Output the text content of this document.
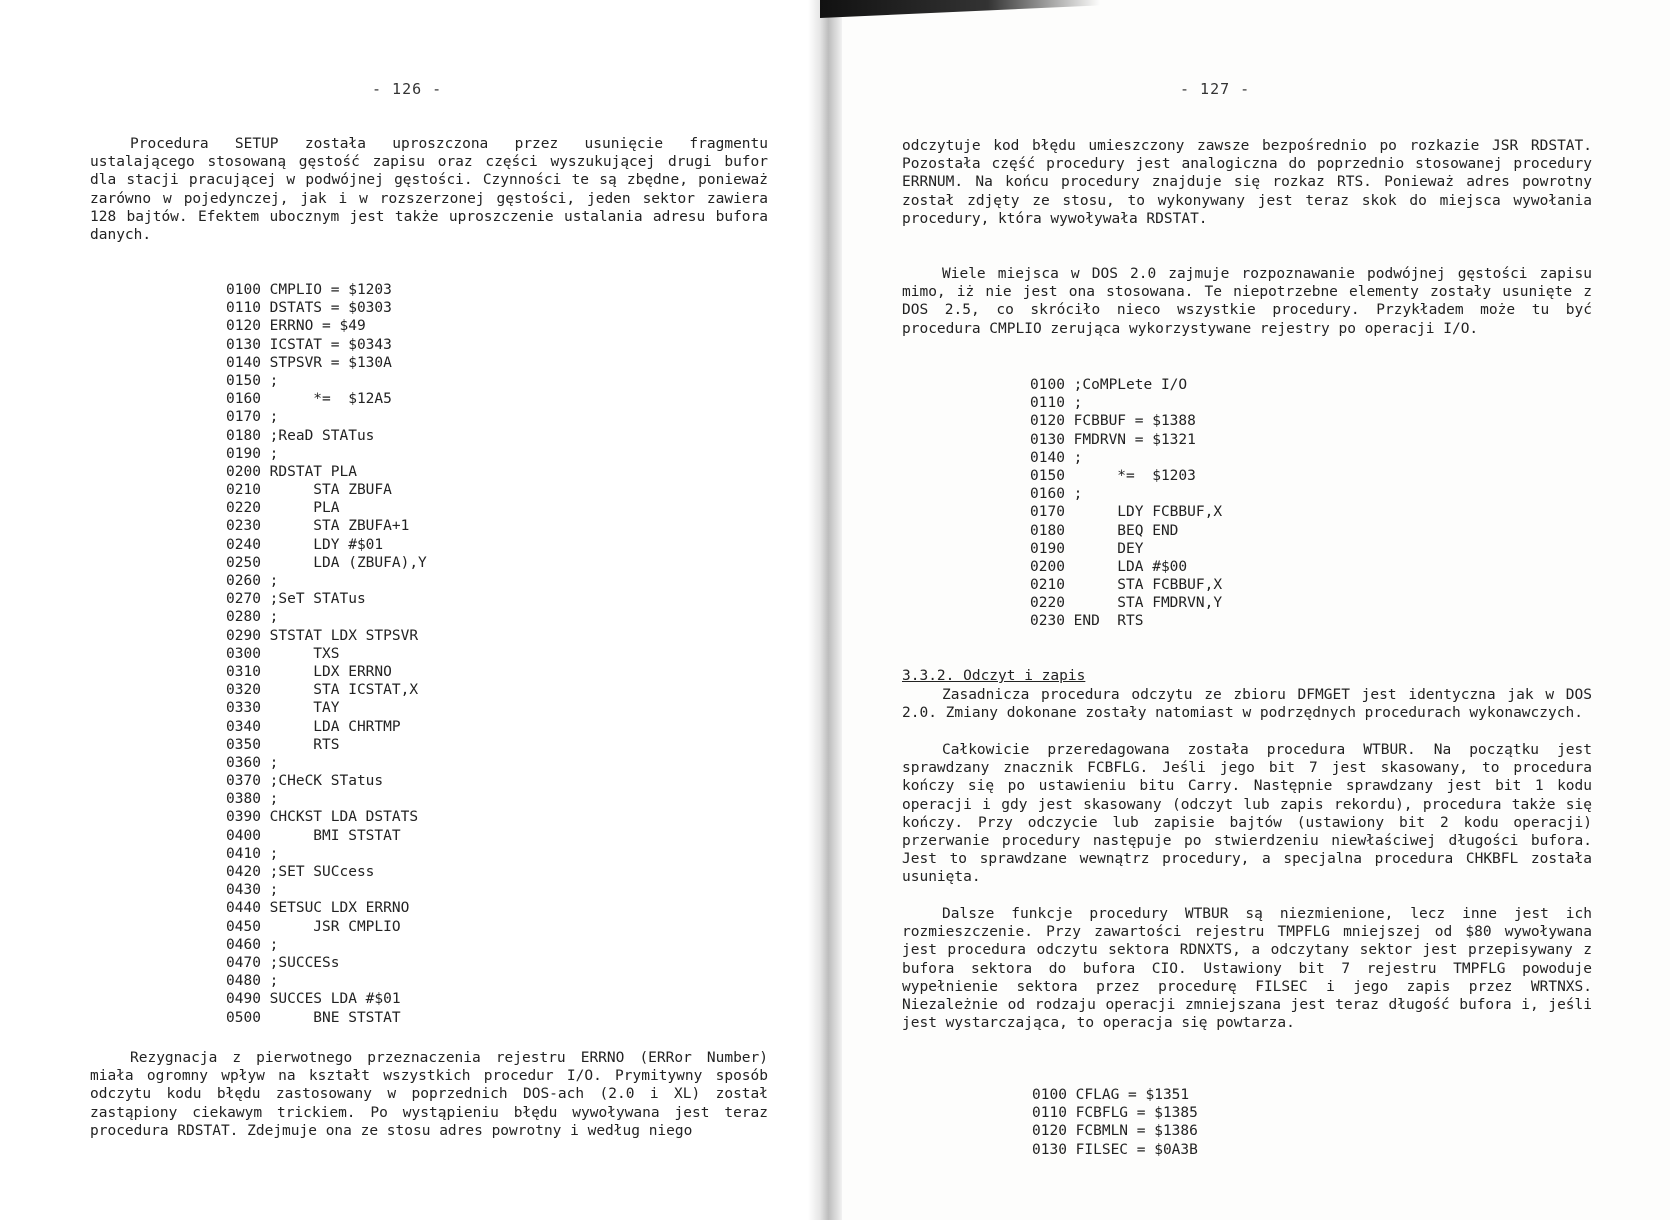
- 126 -
Procedura SETUP została uproszczona przez usunięcie fragmentu ustalającego stosowaną gęstość zapisu oraz części wyszukującej drugi bufor dla stacji pracującej w podwójnej gęstości. Czynności te są zbędne, ponieważ zarówno w pojedynczej, jak i w rozszerzonej gęstości, jeden sektor zawiera 128 bajtów. Efektem ubocznym jest także uproszczenie ustalania adresu bufora danych.
0100 CMPLIO = $1203
0110 DSTATS = $0303
0120 ERRNO = $49
0130 ICSTAT = $0343
0140 STPSVR = $130A
0150 ;
0160      *=  $12A5
0170 ;
0180 ;ReaD STATus
0190 ;
0200 RDSTAT PLA
0210      STA ZBUFA
0220      PLA
0230      STA ZBUFA+1
0240      LDY #$01
0250      LDA (ZBUFA),Y
0260 ;
0270 ;SeT STATus
0280 ;
0290 STSTAT LDX STPSVR
0300      TXS
0310      LDX ERRNO
0320      STA ICSTAT,X
0330      TAY
0340      LDA CHRTMP
0350      RTS
0360 ;
0370 ;CHeCK STatus
0380 ;
0390 CHCKST LDA DSTATS
0400      BMI STSTAT
0410 ;
0420 ;SET SUCcess
0430 ;
0440 SETSUC LDX ERRNO
0450      JSR CMPLIO
0460 ;
0470 ;SUCCESs
0480 ;
0490 SUCCES LDA #$01
0500      BNE STSTAT
Rezygnacja z pierwotnego przeznaczenia rejestru ERRNO (ERRor Number) miała ogromny wpływ na kształt wszystkich procedur I/O. Prymitywny sposób odczytu kodu błędu zastosowany w poprzednich DOS-ach (2.0 i XL) został zastąpiony ciekawym trickiem. Po wystąpieniu błędu wywoływana jest teraz procedura RDSTAT. Zdejmuje ona ze stosu adres powrotny i według niego
- 127 -
odczytuje kod błędu umieszczony zawsze bezpośrednio po rozkazie JSR RDSTAT. Pozostała część procedury jest analogiczna do poprzednio stosowanej procedury ERRNUM. Na końcu procedury znajduje się rozkaz RTS. Ponieważ adres powrotny został zdjęty ze stosu, to wykonywany jest teraz skok do miejsca wywołania procedury, która wywoływała RDSTAT.
Wiele miejsca w DOS 2.0 zajmuje rozpoznawanie podwójnej gęstości zapisu mimo, iż nie jest ona stosowana. Te niepotrzebne elementy zostały usunięte z DOS 2.5, co skróciło nieco wszystkie procedury. Przykładem może tu być procedura CMPLIO zerująca wykorzystywane rejestry po operacji I/O.
0100 ;CoMPLete I/O
0110 ;
0120 FCBBUF = $1388
0130 FMDRVN = $1321
0140 ;
0150      *=  $1203
0160 ;
0170      LDY FCBBUF,X
0180      BEQ END
0190      DEY
0200      LDA #$00
0210      STA FCBBUF,X
0220      STA FMDRVN,Y
0230 END  RTS
3.3.2. Odczyt i zapis
Zasadnicza procedura odczytu ze zbioru DFMGET jest identyczna jak w DOS 2.0. Zmiany dokonane zostały natomiast w podrzędnych procedurach wykonawczych.
Całkowicie przeredagowana została procedura WTBUR. Na początku jest sprawdzany znacznik FCBFLG. Jeśli jego bit 7 jest skasowany, to procedura kończy się po ustawieniu bitu Carry. Następnie sprawdzany jest bit 1 kodu operacji i gdy jest skasowany (odczyt lub zapis rekordu), procedura także się kończy. Przy odczycie lub zapisie bajtów (ustawiony bit 2 kodu operacji) przerwanie procedury następuje po stwierdzeniu niewłaściwej długości bufora. Jest to sprawdzane wewnątrz procedury, a specjalna procedura CHKBFL została usunięta.
Dalsze funkcje procedury WTBUR są niezmienione, lecz inne jest ich rozmieszczenie. Przy zawartości rejestru TMPFLG mniejszej od $80 wywoływana jest procedura odczytu sektora RDNXTS, a odczytany sektor jest przepisywany z bufora sektora do bufora CIO. Ustawiony bit 7 rejestru TMPFLG powoduje wypełnienie sektora przez procedurę FILSEC i jego zapis przez WRTNXS. Niezależnie od rodzaju operacji zmniejszana jest teraz długość bufora i, jeśli jest wystarczająca, to operacja się powtarza.
0100 CFLAG = $1351
0110 FCBFLG = $1385
0120 FCBMLN = $1386
0130 FILSEC = $0A3B
